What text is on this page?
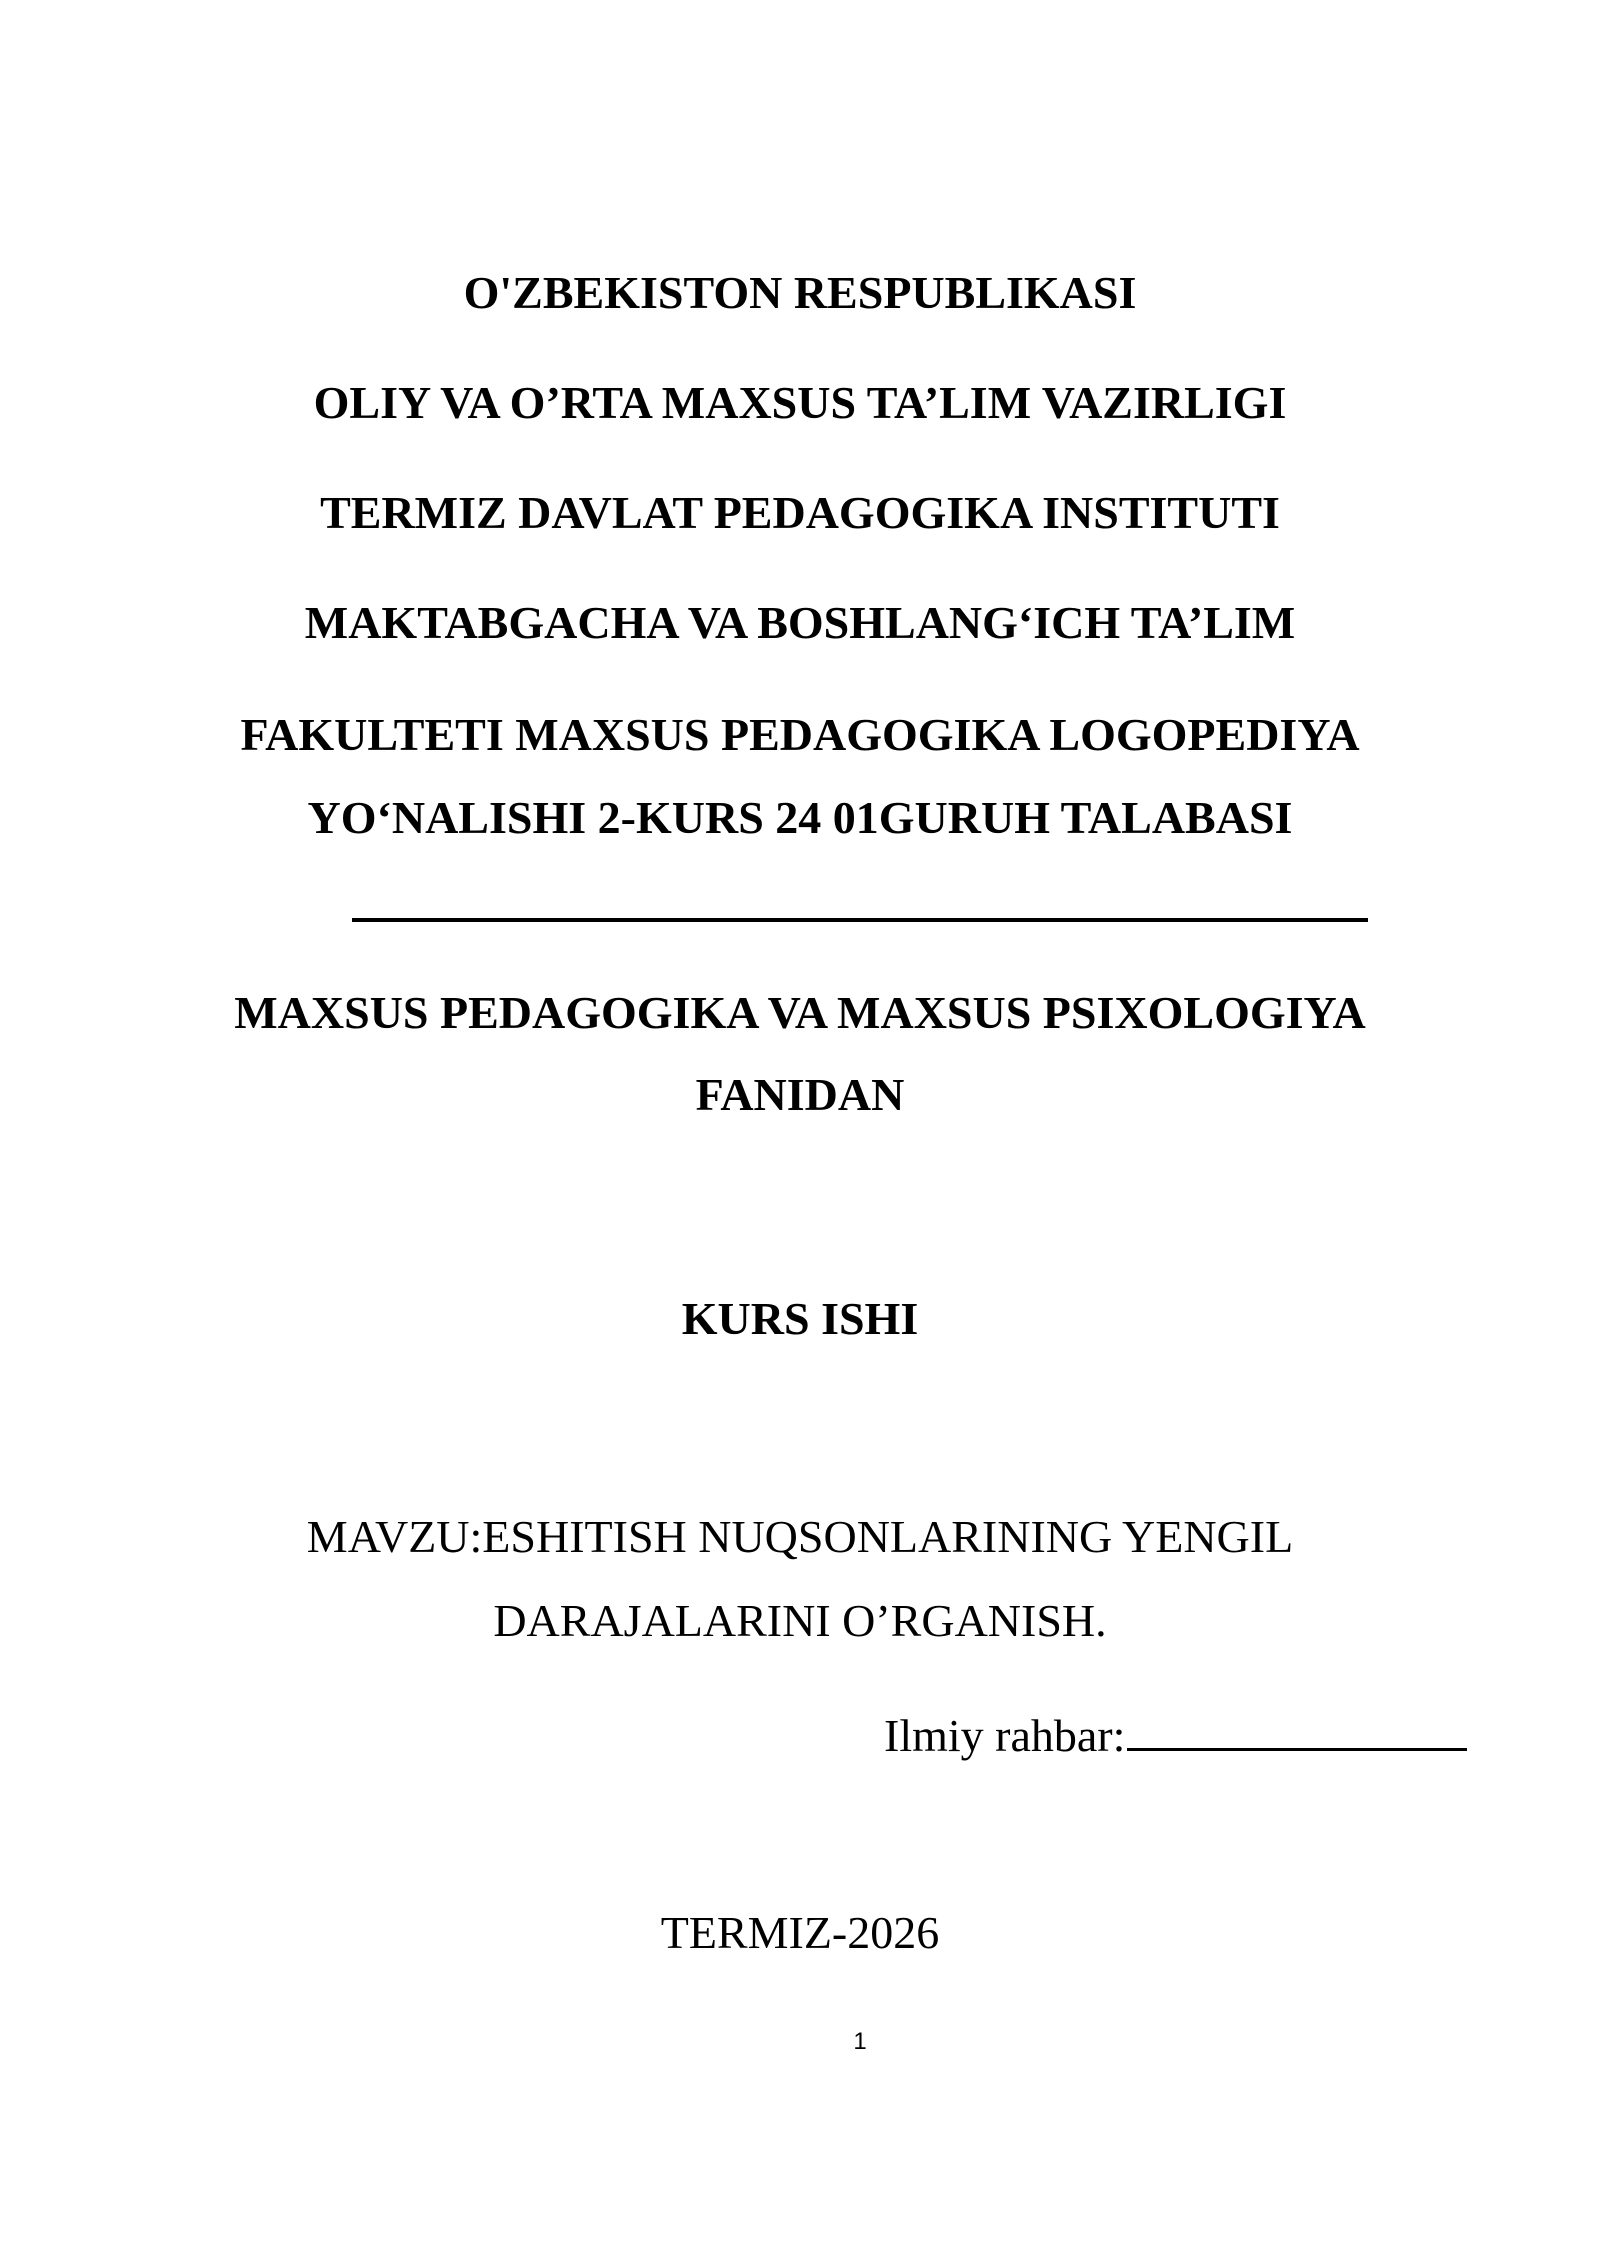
O'ZBEKISTON RESPUBLIKASI
OLIY VA O’RTA MAXSUS TA’LIM VAZIRLIGI
TERMIZ DAVLAT PEDAGOGIKA INSTITUTI
MAKTABGACHA VA BOSHLANG‘ICH TA’LIM
FAKULTETI MAXSUS PEDAGOGIKA LOGOPEDIYA
YO‘NALISHI 2-KURS 24 01GURUH TALABASI
MAXSUS PEDAGOGIKA VA MAXSUS PSIXOLOGIYA
FANIDAN
KURS ISHI
MAVZU:ESHITISH NUQSONLARINING YENGIL
DARAJALARINI O’RGANISH.
Ilmiy rahbar:
TERMIZ-2026
1
